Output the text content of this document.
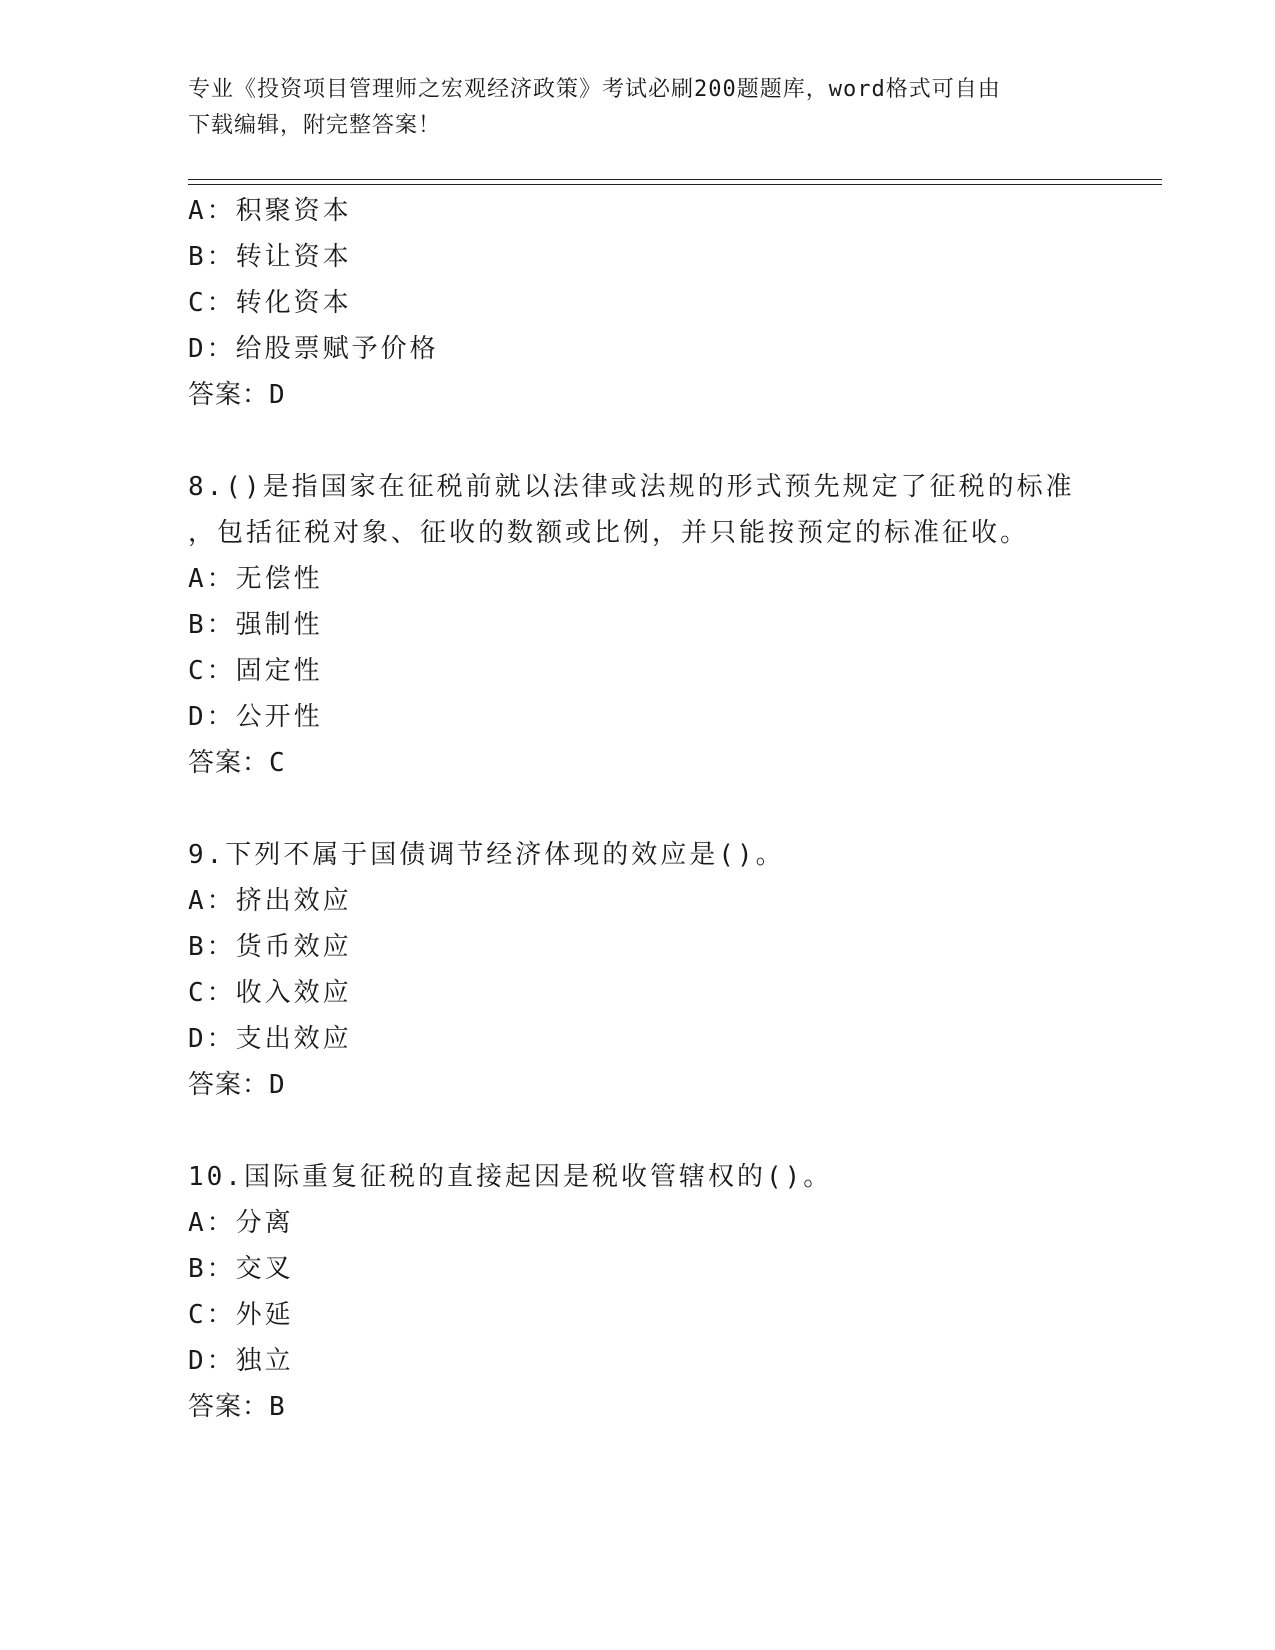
专业《投资项目管理师之宏观经济政策》考试必刷200题题库，word格式可自由
下载编辑，附完整答案！
A：积聚资本
B：转让资本
C：转化资本
D：给股票赋予价格
答案：D
8.()是指国家在征税前就以法律或法规的形式预先规定了征税的标准
，包括征税对象、征收的数额或比例，并只能按预定的标准征收。
A：无偿性
B：强制性
C：固定性
D：公开性
答案：C
9.下列不属于国债调节经济体现的效应是()。
A：挤出效应
B：货币效应
C：收入效应
D：支出效应
答案：D
10.国际重复征税的直接起因是税收管辖权的()。
A：分离
B：交叉
C：外延
D：独立
答案：B
